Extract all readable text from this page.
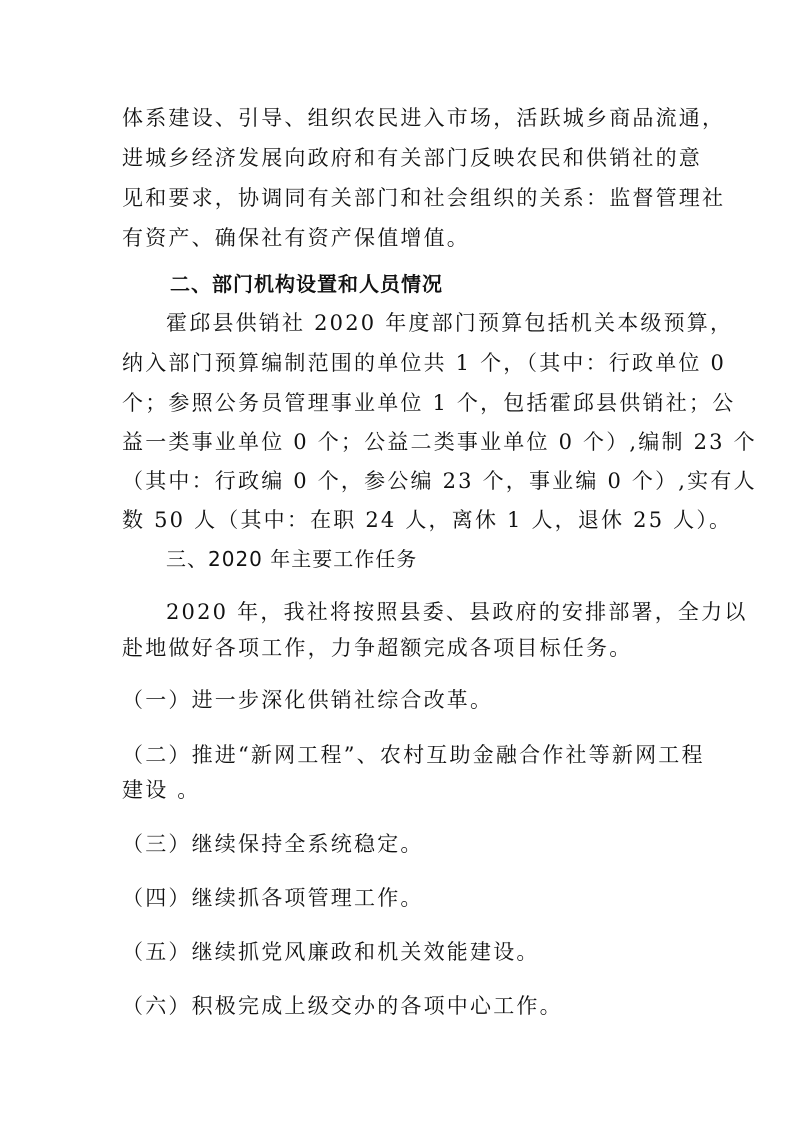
体系建设、引导、组织农民进入市场，活跃城乡商品流通，
进城乡经济发展向政府和有关部门反映农民和供销社的意
见和要求，协调同有关部门和社会组织的关系：监督管理社
有资产、确保社有资产保值增值。
二、部门机构设置和人员情况
霍邱县供销社 2020 年度部门预算包括机关本级预算，
纳入部门预算编制范围的单位共 1 个，（其中：行政单位 0
个；参照公务员管理事业单位 1 个，包括霍邱县供销社；公
益一类事业单位 0 个；公益二类事业单位 0 个）,编制 23 个
（其中：行政编 0 个，参公编 23 个，事业编 0 个）,实有人
数 50 人（其中：在职 24 人，离休 1 人，退休 25 人）。
三、2020 年主要工作任务
2020 年，我社将按照县委、县政府的安排部署，全力以
赴地做好各项工作，力争超额完成各项目标任务。
（一）进一步深化供销社综合改革。
（二）推进“新网工程”、农村互助金融合作社等新网工程
建设 。
（三）继续保持全系统稳定。
（四）继续抓各项管理工作。
（五）继续抓党风廉政和机关效能建设。
（六）积极完成上级交办的各项中心工作。
